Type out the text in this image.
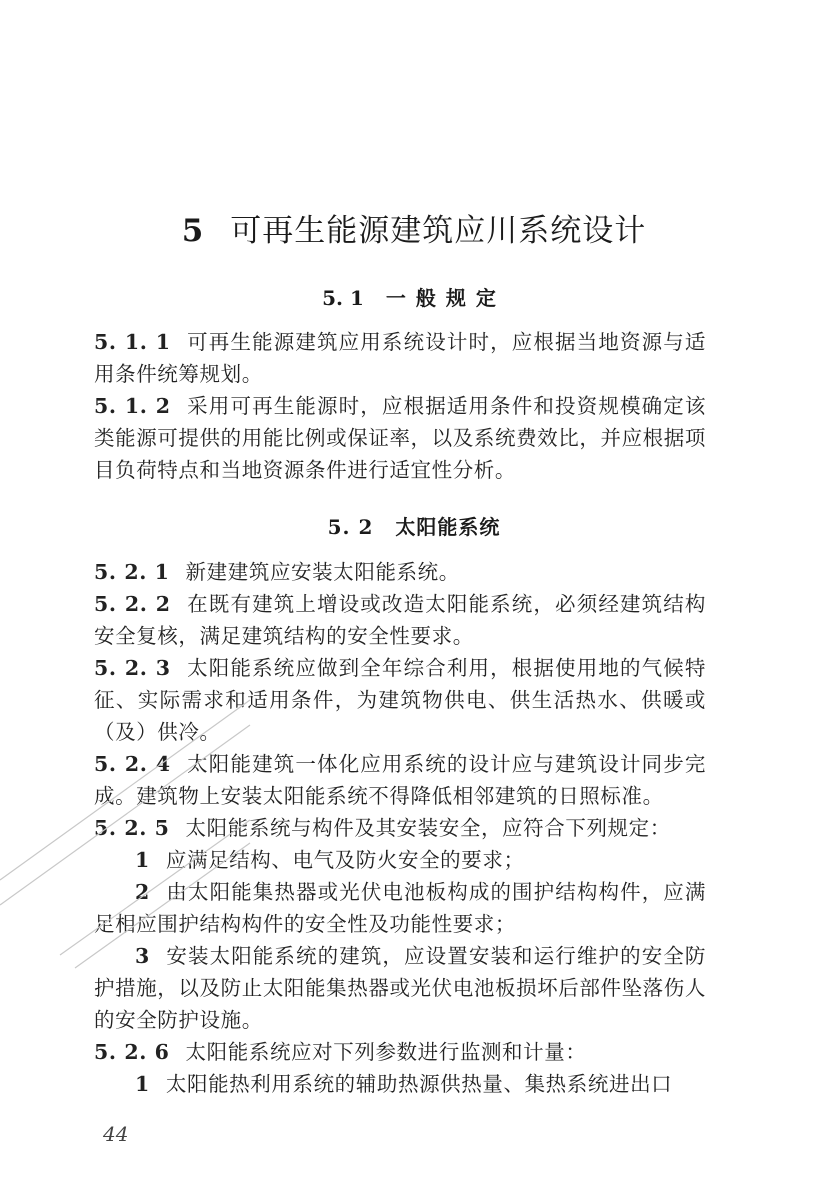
5 可再生能源建筑应川系统设计
5. 1 一般规定
5. 2 太阳能系统

5. 1. 1 可再生能源建筑应用系统设计时，应根据当地资源与适用条件统筹规划。

5. 1. 2 采用可再生能源时，应根据适用条件和投资规模确定该类能源可提供的用能比例或保证率，以及系统费效比，并应根据项目负荷特点和当地资源条件进行适宜性分析。

5. 2. 1 新建建筑应安装太阳能系统。

5. 2. 2 在既有建筑上增设或改造太阳能系统，必须经建筑结构安全复核，满足建筑结构的安全性要求。

5. 2. 3 太阳能系统应做到全年综合利用，根据使用地的气候特征、实际需求和适用条件，为建筑物供电、供生活热水、供暖或（及）供冷。

5. 2. 4 太阳能建筑一体化应用系统的设计应与建筑设计同步完成。建筑物上安装太阳能系统不得降低相邻建筑的日照标准。

5. 2. 5 太阳能系统与构件及其安装安全，应符合下列规定：

1 应满足结构、电气及防火安全的要求；

2 由太阳能集热器或光伏电池板构成的围护结构构件，应满足相应围护结构构件的安全性及功能性要求；

3 安装太阳能系统的建筑，应设置安装和运行维护的安全防护措施，以及防止太阳能集热器或光伏电池板损坏后部件坠落伤人的安全防护设施。

5. 2. 6 太阳能系统应对下列参数进行监测和计量：

1 太阳能热利用系统的辅助热源供热量、集热系统进出口

44
